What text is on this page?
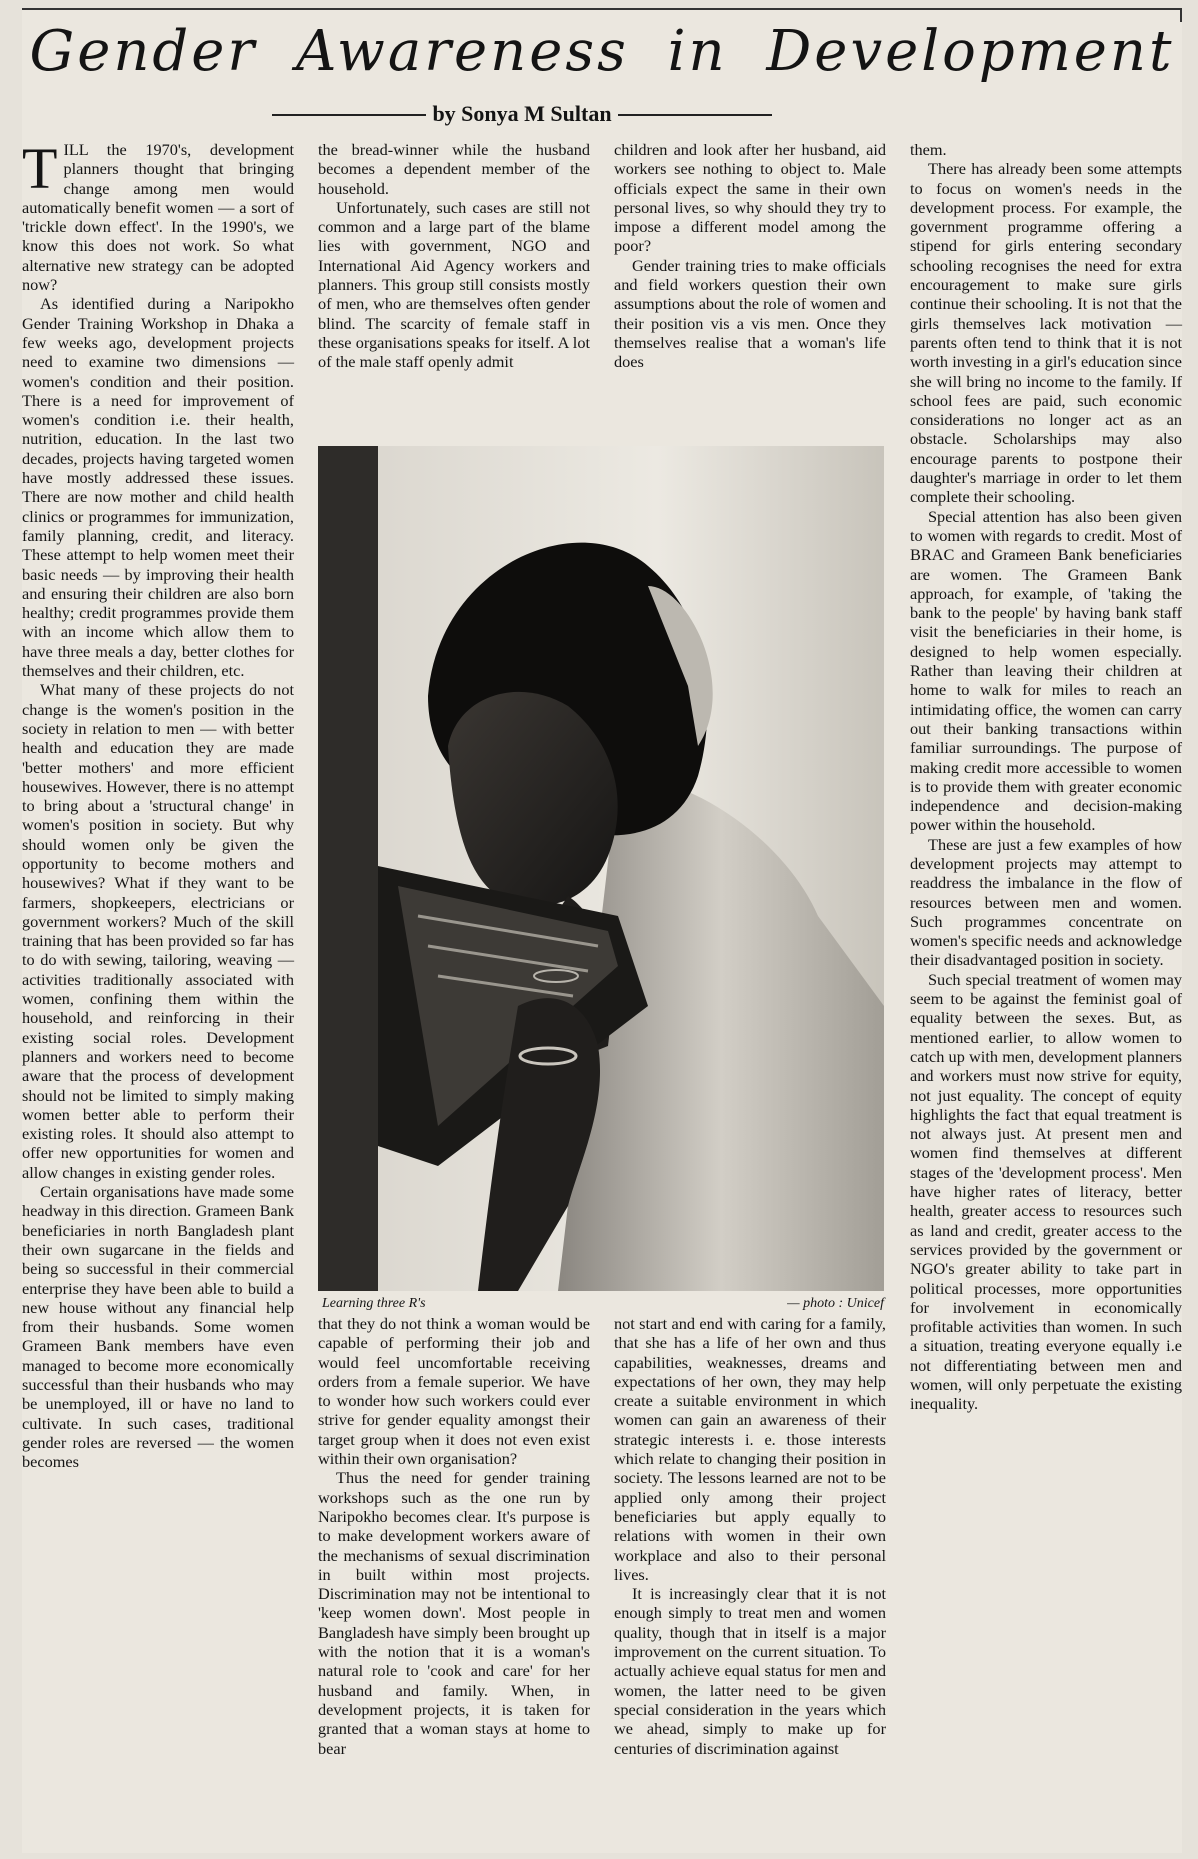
Gender Awareness in Development
by Sonya M Sultan

TILL the 1970's, development planners thought that bringing change among men would automatically benefit women — a sort of 'trickle down effect'. In the 1990's, we know this does not work. So what alternative new strategy can be adopted now?

As identified during a Naripokho Gender Training Workshop in Dhaka a few weeks ago, development projects need to examine two dimensions — women's condition and their position. There is a need for improvement of women's condition i.e. their health, nutrition, education. In the last two decades, projects having targeted women have mostly addressed these issues. There are now mother and child health clinics or programmes for immunization, family planning, credit, and literacy. These attempt to help women meet their basic needs — by improving their health and ensuring their children are also born healthy; credit programmes provide them with an income which allow them to have three meals a day, better clothes for themselves and their children, etc.

What many of these projects do not change is the women's position in the society in relation to men — with better health and education they are made 'better mothers' and more efficient housewives. However, there is no attempt to bring about a 'structural change' in women's position in society. But why should women only be given the opportunity to become mothers and housewives? What if they want to be farmers, shopkeepers, electricians or government workers? Much of the skill training that has been provided so far has to do with sewing, tailoring, weaving — activities traditionally associated with women, confining them within the household, and reinforcing in their existing social roles. Development planners and workers need to become aware that the process of development should not be limited to simply making women better able to perform their existing roles. It should also attempt to offer new opportunities for women and allow changes in existing gender roles.

Certain organisations have made some headway in this direction. Grameen Bank beneficiaries in north Bangladesh plant their own sugarcane in the fields and being so successful in their commercial enterprise they have been able to build a new house without any financial help from their husbands. Some women Grameen Bank members have even managed to become more economically successful than their husbands who may be unemployed, ill or have no land to cultivate. In such cases, traditional gender roles are reversed — the women becomes

the bread-winner while the husband becomes a dependent member of the household.

Unfortunately, such cases are still not common and a large part of the blame lies with government, NGO and International Aid Agency workers and planners. This group still consists mostly of men, who are themselves often gender blind. The scarcity of female staff in these organisations speaks for itself. A lot of the male staff openly admit

children and look after her husband, aid workers see nothing to object to. Male officials expect the same in their own personal lives, so why should they try to impose a different model among the poor?

Gender training tries to make officials and field workers question their own assumptions about the role of women and their position vis a vis men. Once they themselves realise that a woman's life does

Learning three R's	— photo : Unicef

that they do not think a woman would be capable of performing their job and would feel uncomfortable receiving orders from a female superior. We have to wonder how such workers could ever strive for gender equality amongst their target group when it does not even exist within their own organisation?

Thus the need for gender training workshops such as the one run by Naripokho becomes clear. It's purpose is to make development workers aware of the mechanisms of sexual discrimination in built within most projects. Discrimination may not be intentional to 'keep women down'. Most people in Bangladesh have simply been brought up with the notion that it is a woman's natural role to 'cook and care' for her husband and family. When, in development projects, it is taken for granted that a woman stays at home to bear

not start and end with caring for a family, that she has a life of her own and thus capabilities, weaknesses, dreams and expectations of her own, they may help create a suitable environment in which women can gain an awareness of their strategic interests i. e. those interests which relate to changing their position in society. The lessons learned are not to be applied only among their project beneficiaries but apply equally to relations with women in their own workplace and also to their personal lives.

It is increasingly clear that it is not enough simply to treat men and women quality, though that in itself is a major improvement on the current situation. To actually achieve equal status for men and women, the latter need to be given special consideration in the years which we ahead, simply to make up for centuries of discrimination against

them.

There has already been some attempts to focus on women's needs in the development process. For example, the government programme offering a stipend for girls entering secondary schooling recognises the need for extra encouragement to make sure girls continue their schooling. It is not that the girls themselves lack motivation — parents often tend to think that it is not worth investing in a girl's education since she will bring no income to the family. If school fees are paid, such economic considerations no longer act as an obstacle. Scholarships may also encourage parents to postpone their daughter's marriage in order to let them complete their schooling.

Special attention has also been given to women with regards to credit. Most of BRAC and Grameen Bank beneficiaries are women. The Grameen Bank approach, for example, of 'taking the bank to the people' by having bank staff visit the beneficiaries in their home, is designed to help women especially. Rather than leaving their children at home to walk for miles to reach an intimidating office, the women can carry out their banking transactions within familiar surroundings. The purpose of making credit more accessible to women is to provide them with greater economic independence and decision-making power within the household.

These are just a few examples of how development projects may attempt to readdress the imbalance in the flow of resources between men and women. Such programmes concentrate on women's specific needs and acknowledge their disadvantaged position in society.

Such special treatment of women may seem to be against the feminist goal of equality between the sexes. But, as mentioned earlier, to allow women to catch up with men, development planners and workers must now strive for equity, not just equality. The concept of equity highlights the fact that equal treatment is not always just. At present men and women find themselves at different stages of the 'development process'. Men have higher rates of literacy, better health, greater access to resources such as land and credit, greater access to the services provided by the government or NGO's greater ability to take part in political processes, more opportunities for involvement in economically profitable activities than women. In such a situation, treating everyone equally i.e not differentiating between men and women, will only perpetuate the existing inequality.
